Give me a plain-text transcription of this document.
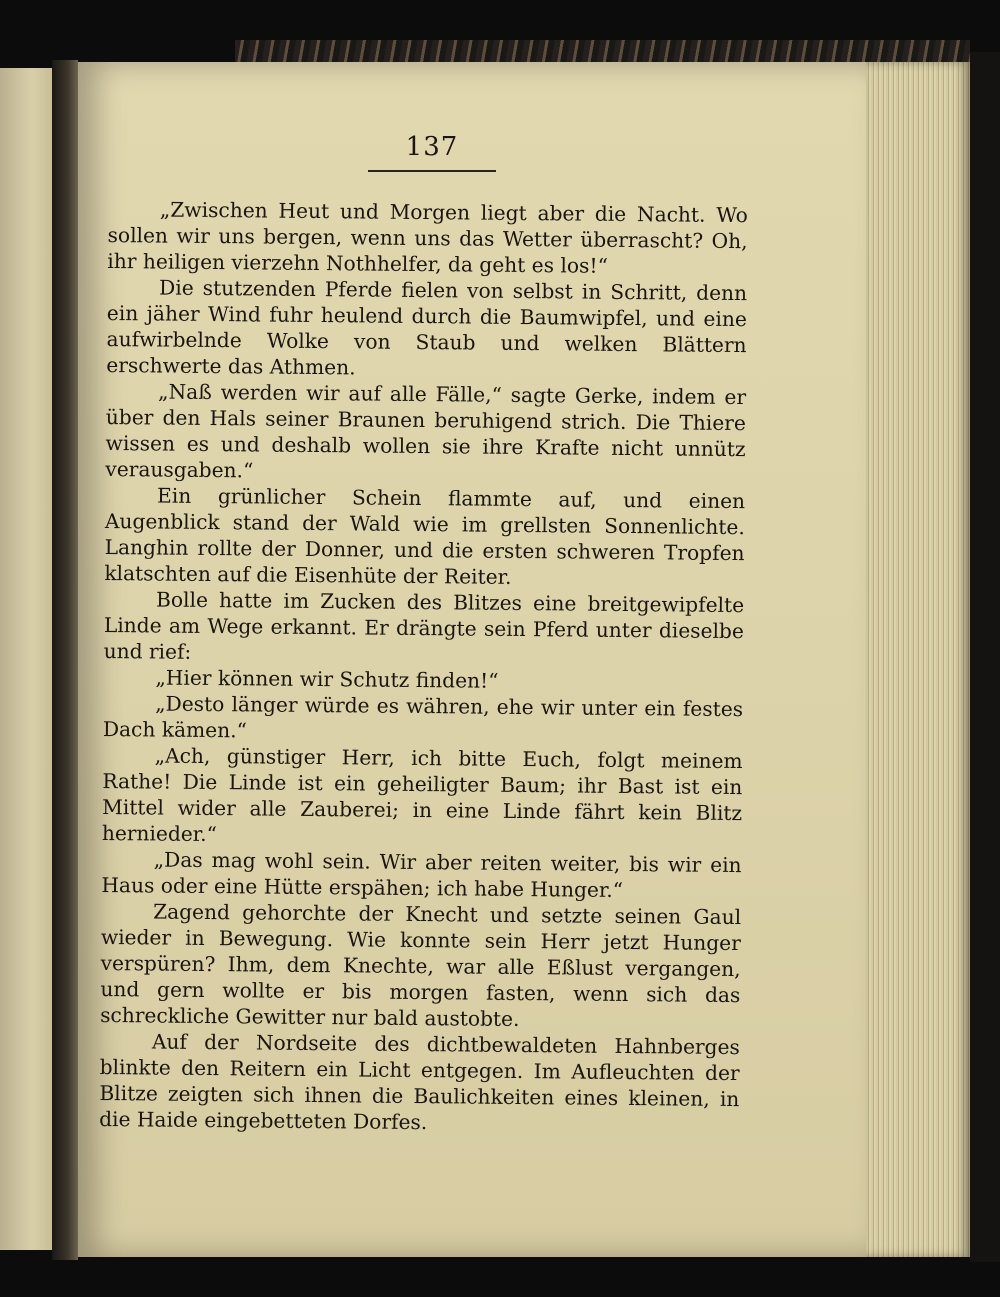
137

„Zwischen Heut und Morgen liegt aber die Nacht. Wo sollen wir uns bergen, wenn uns das Wetter überrascht? Oh, ihr heiligen vierzehn Nothhelfer, da geht es los!“

Die stutzenden Pferde fielen von selbst in Schritt, denn ein jäher Wind fuhr heulend durch die Baumwipfel, und eine aufwirbelnde Wolke von Staub und welken Blättern erschwerte das Athmen.

„Naß werden wir auf alle Fälle,“ sagte Gerke, indem er über den Hals seiner Braunen beruhigend strich. Die Thiere wissen es und deshalb wollen sie ihre Krafte nicht unnütz verausgaben.“

Ein grünlicher Schein flammte auf, und einen Augenblick stand der Wald wie im grellsten Sonnenlichte. Langhin rollte der Donner, und die ersten schweren Tropfen klatschten auf die Eisenhüte der Reiter.

Bolle hatte im Zucken des Blitzes eine breitgewipfelte Linde am Wege erkannt. Er drängte sein Pferd unter dieselbe und rief:

„Hier können wir Schutz finden!“

„Desto länger würde es währen, ehe wir unter ein festes Dach kämen.“

„Ach, günstiger Herr, ich bitte Euch, folgt meinem Rathe! Die Linde ist ein geheiligter Baum; ihr Bast ist ein Mittel wider alle Zauberei; in eine Linde fährt kein Blitz hernieder.“

„Das mag wohl sein. Wir aber reiten weiter, bis wir ein Haus oder eine Hütte erspähen; ich habe Hunger.“

Zagend gehorchte der Knecht und setzte seinen Gaul wieder in Bewegung. Wie konnte sein Herr jetzt Hunger verspüren? Ihm, dem Knechte, war alle Eßlust vergangen, und gern wollte er bis morgen fasten, wenn sich das schreckliche Gewitter nur bald austobte.

Auf der Nordseite des dichtbewaldeten Hahnberges blinkte den Reitern ein Licht entgegen. Im Aufleuchten der Blitze zeigten sich ihnen die Baulichkeiten eines kleinen, in die Haide eingebetteten Dorfes.
